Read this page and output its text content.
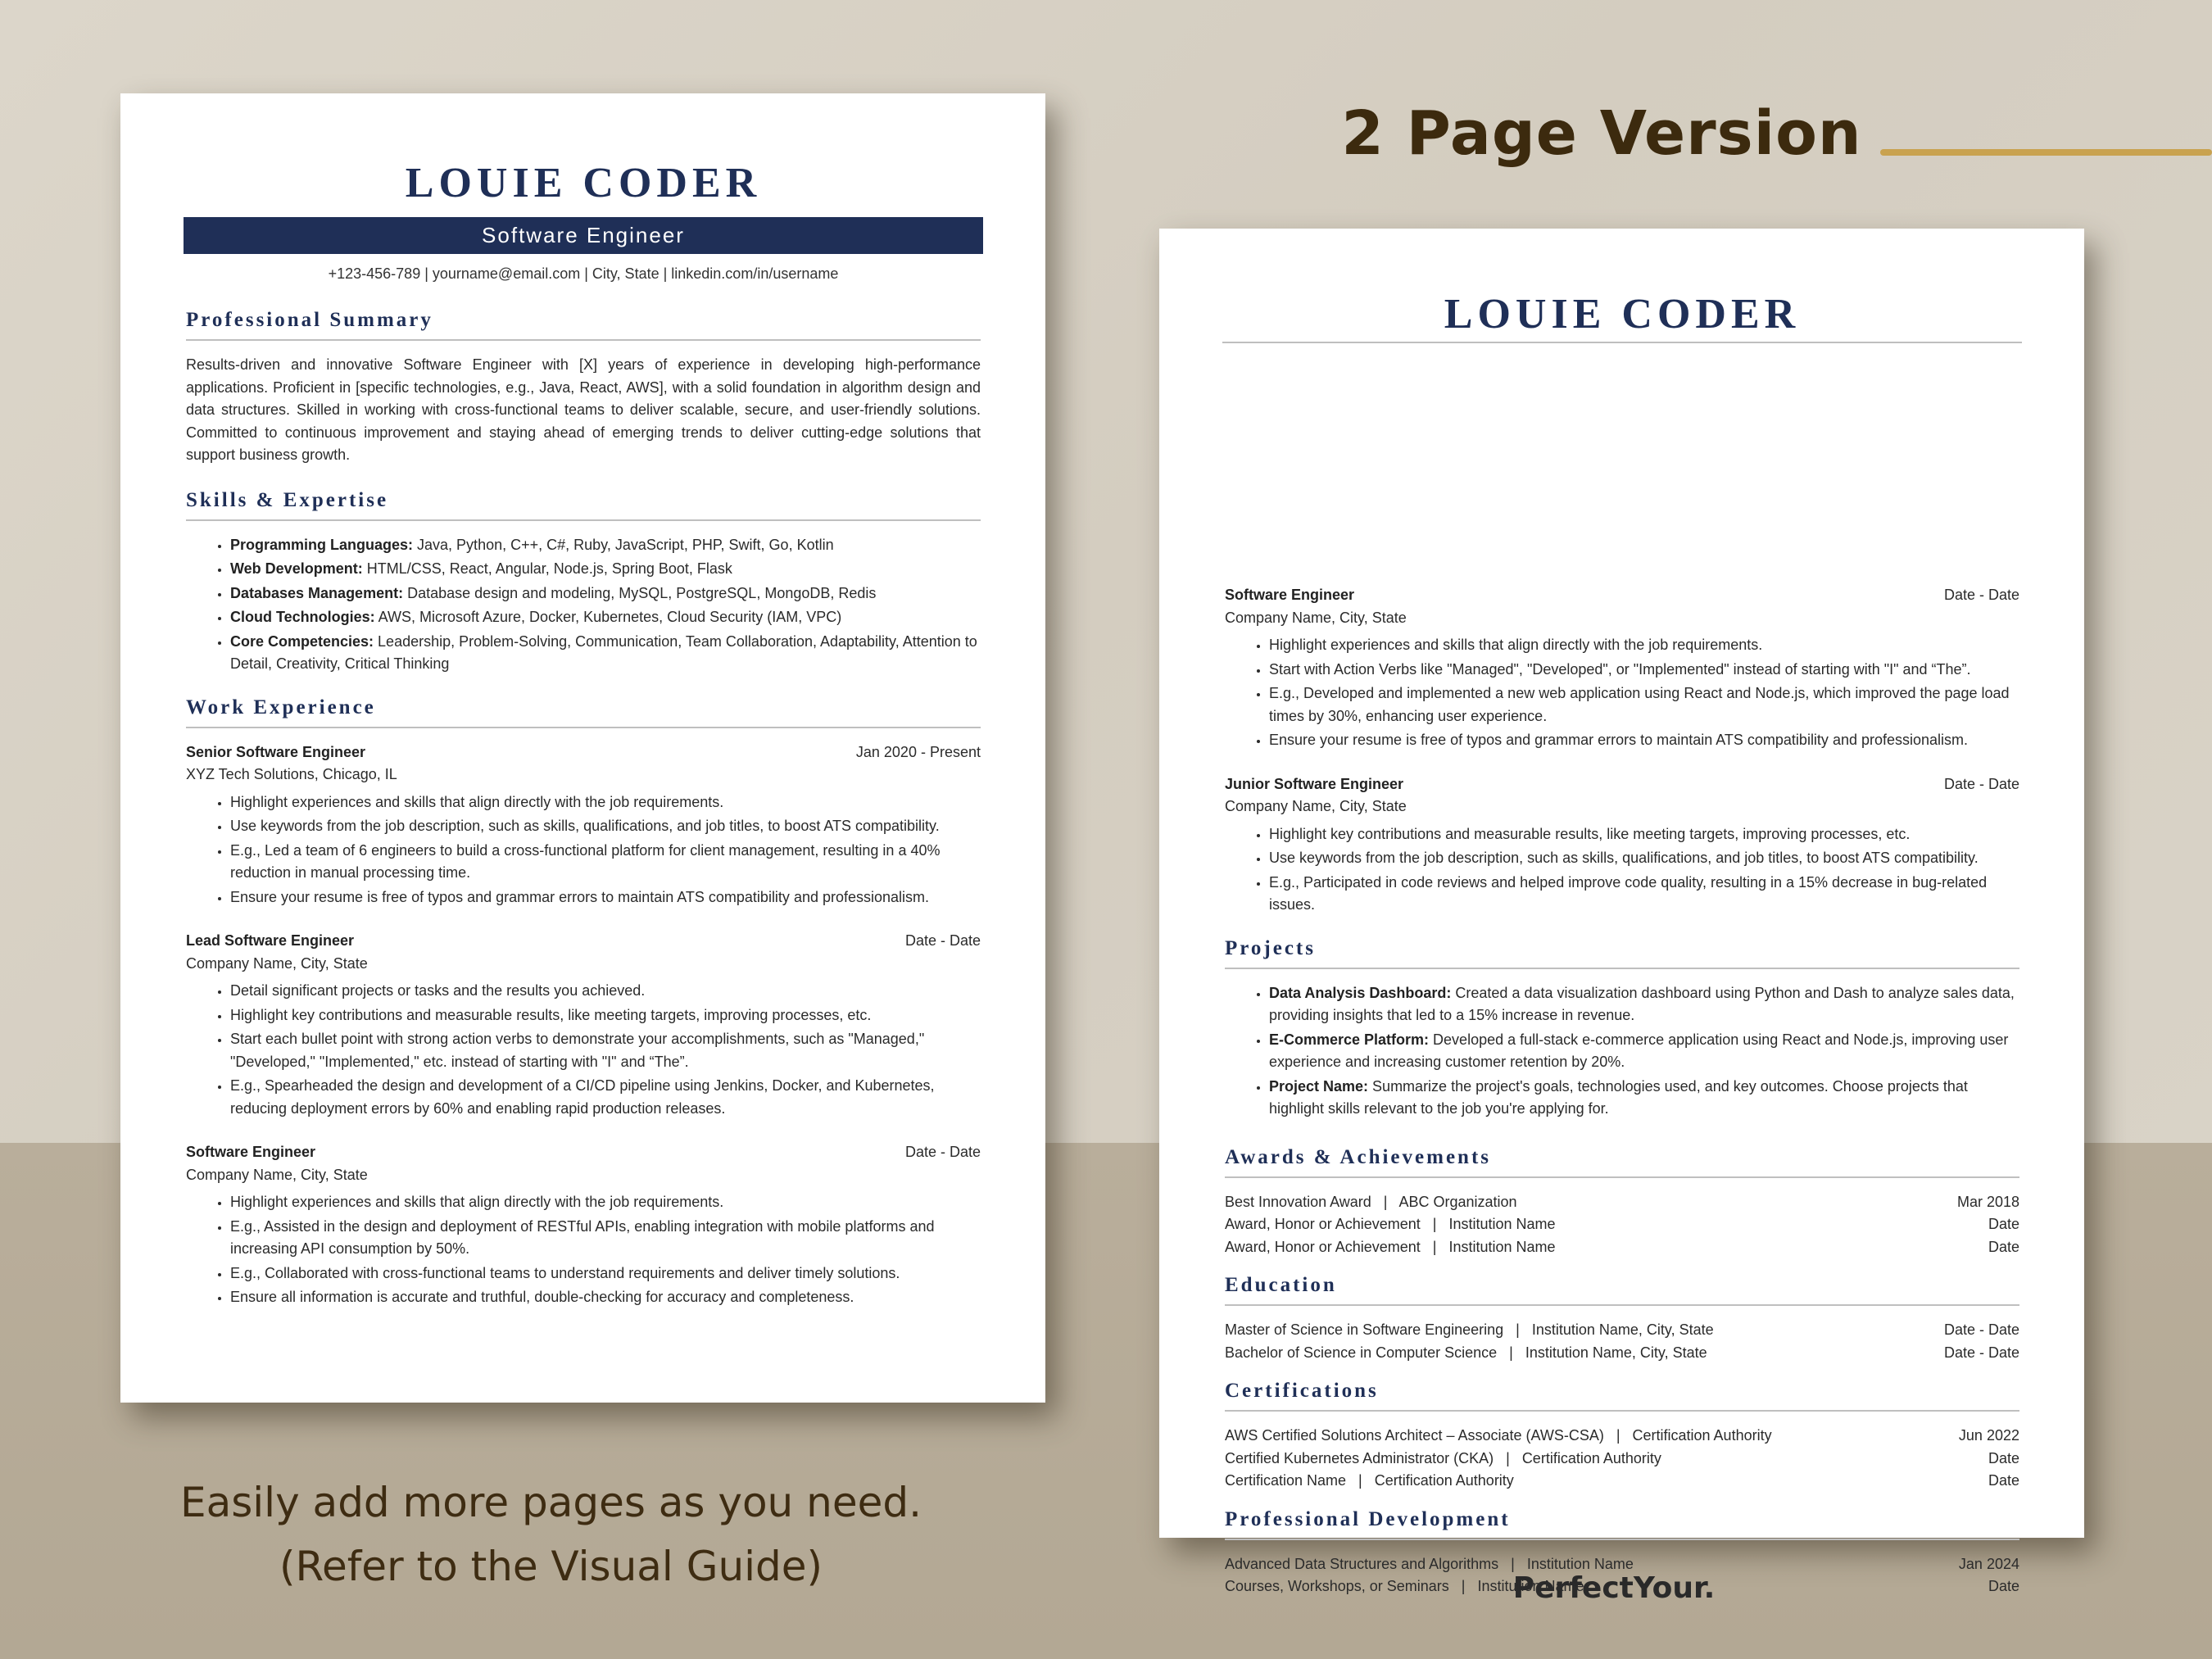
2 Page Version
Easily add more pages as you need.
(Refer to the Visual Guide)	PerfectYour.
LOUIE CODER
Software Engineer
+123-456-789 | yourname@email.com | City, State | linkedin.com/in/username
Professional Summary

Results-driven and innovative Software Engineer with [X] years of experience in developing high-performance applications. Proficient in [specific technologies, e.g., Java, React, AWS], with a solid foundation in algorithm design and data structures. Skilled in working with cross-functional teams to deliver scalable, secure, and user-friendly solutions. Committed to continuous improvement and staying ahead of emerging trends to deliver cutting-edge solutions that support business growth.

Skills & Expertise
• Programming Languages: Java, Python, C++, C#, Ruby, JavaScript, PHP, Swift, Go, Kotlin
• Web Development: HTML/CSS, React, Angular, Node.js, Spring Boot, Flask
• Databases Management: Database design and modeling, MySQL, PostgreSQL, MongoDB, Redis
• Cloud Technologies: AWS, Microsoft Azure, Docker, Kubernetes, Cloud Security (IAM, VPC)
• Core Competencies: Leadership, Problem-Solving, Communication, Team Collaboration, Adaptability, Attention to Detail, Creativity, Critical Thinking
Work Experience
Senior Software Engineer	Jan 2020 - Present
XYZ Tech Solutions, Chicago, IL
• Highlight experiences and skills that align directly with the job requirements.
• Use keywords from the job description, such as skills, qualifications, and job titles, to boost ATS compatibility.
• E.g., Led a team of 6 engineers to build a cross-functional platform for client management, resulting in a 40% reduction in manual processing time.
• Ensure your resume is free of typos and grammar errors to maintain ATS compatibility and professionalism.
Lead Software Engineer	Date - Date
Company Name, City, State
• Detail significant projects or tasks and the results you achieved.
• Highlight key contributions and measurable results, like meeting targets, improving processes, etc.
• Start each bullet point with strong action verbs to demonstrate your accomplishments, such as "Managed," "Developed," "Implemented," etc. instead of starting with "I" and “The”.
• E.g., Spearheaded the design and development of a CI/CD pipeline using Jenkins, Docker, and Kubernetes, reducing deployment errors by 60% and enabling rapid production releases.
Software Engineer	Date - Date
Company Name, City, State
• Highlight experiences and skills that align directly with the job requirements.
• E.g., Assisted in the design and deployment of RESTful APIs, enabling integration with mobile platforms and increasing API consumption by 50%.
• E.g., Collaborated with cross-functional teams to understand requirements and deliver timely solutions.
• Ensure all information is accurate and truthful, double-checking for accuracy and completeness.
LOUIE CODER
Software Engineer	Date - Date
Company Name, City, State
• Highlight experiences and skills that align directly with the job requirements.
• Start with Action Verbs like "Managed", "Developed", or "Implemented" instead of starting with "I" and “The”.
• E.g., Developed and implemented a new web application using React and Node.js, which improved the page load times by 30%, enhancing user experience.
• Ensure your resume is free of typos and grammar errors to maintain ATS compatibility and professionalism.
Junior Software Engineer	Date - Date
Company Name, City, State
• Highlight key contributions and measurable results, like meeting targets, improving processes, etc.
• Use keywords from the job description, such as skills, qualifications, and job titles, to boost ATS compatibility.
• E.g., Participated in code reviews and helped improve code quality, resulting in a 15% decrease in bug-related issues.
Projects
• Data Analysis Dashboard: Created a data visualization dashboard using Python and Dash to analyze sales data, providing insights that led to a 15% increase in revenue.
• E-Commerce Platform: Developed a full-stack e-commerce application using React and Node.js, improving user experience and increasing customer retention by 20%.
• Project Name: Summarize the project's goals, technologies used, and key outcomes. Choose projects that highlight skills relevant to the job you're applying for.
Awards & Achievements
Best Innovation Award   |   ABC Organization	Mar 2018
Award, Honor or Achievement   |   Institution Name	Date
Award, Honor or Achievement   |   Institution Name	Date
Education
Master of Science in Software Engineering   |   Institution Name, City, State	Date - Date
Bachelor of Science in Computer Science   |   Institution Name, City, State	Date - Date
Certifications
AWS Certified Solutions Architect – Associate (AWS-CSA)   |   Certification Authority	Jun 2022
Certified Kubernetes Administrator (CKA)   |   Certification Authority	Date
Certification Name   |   Certification Authority	Date
Professional Development
Advanced Data Structures and Algorithms   |   Institution Name	Jan 2024
Courses, Workshops, or Seminars   |   Institution Name	Date
